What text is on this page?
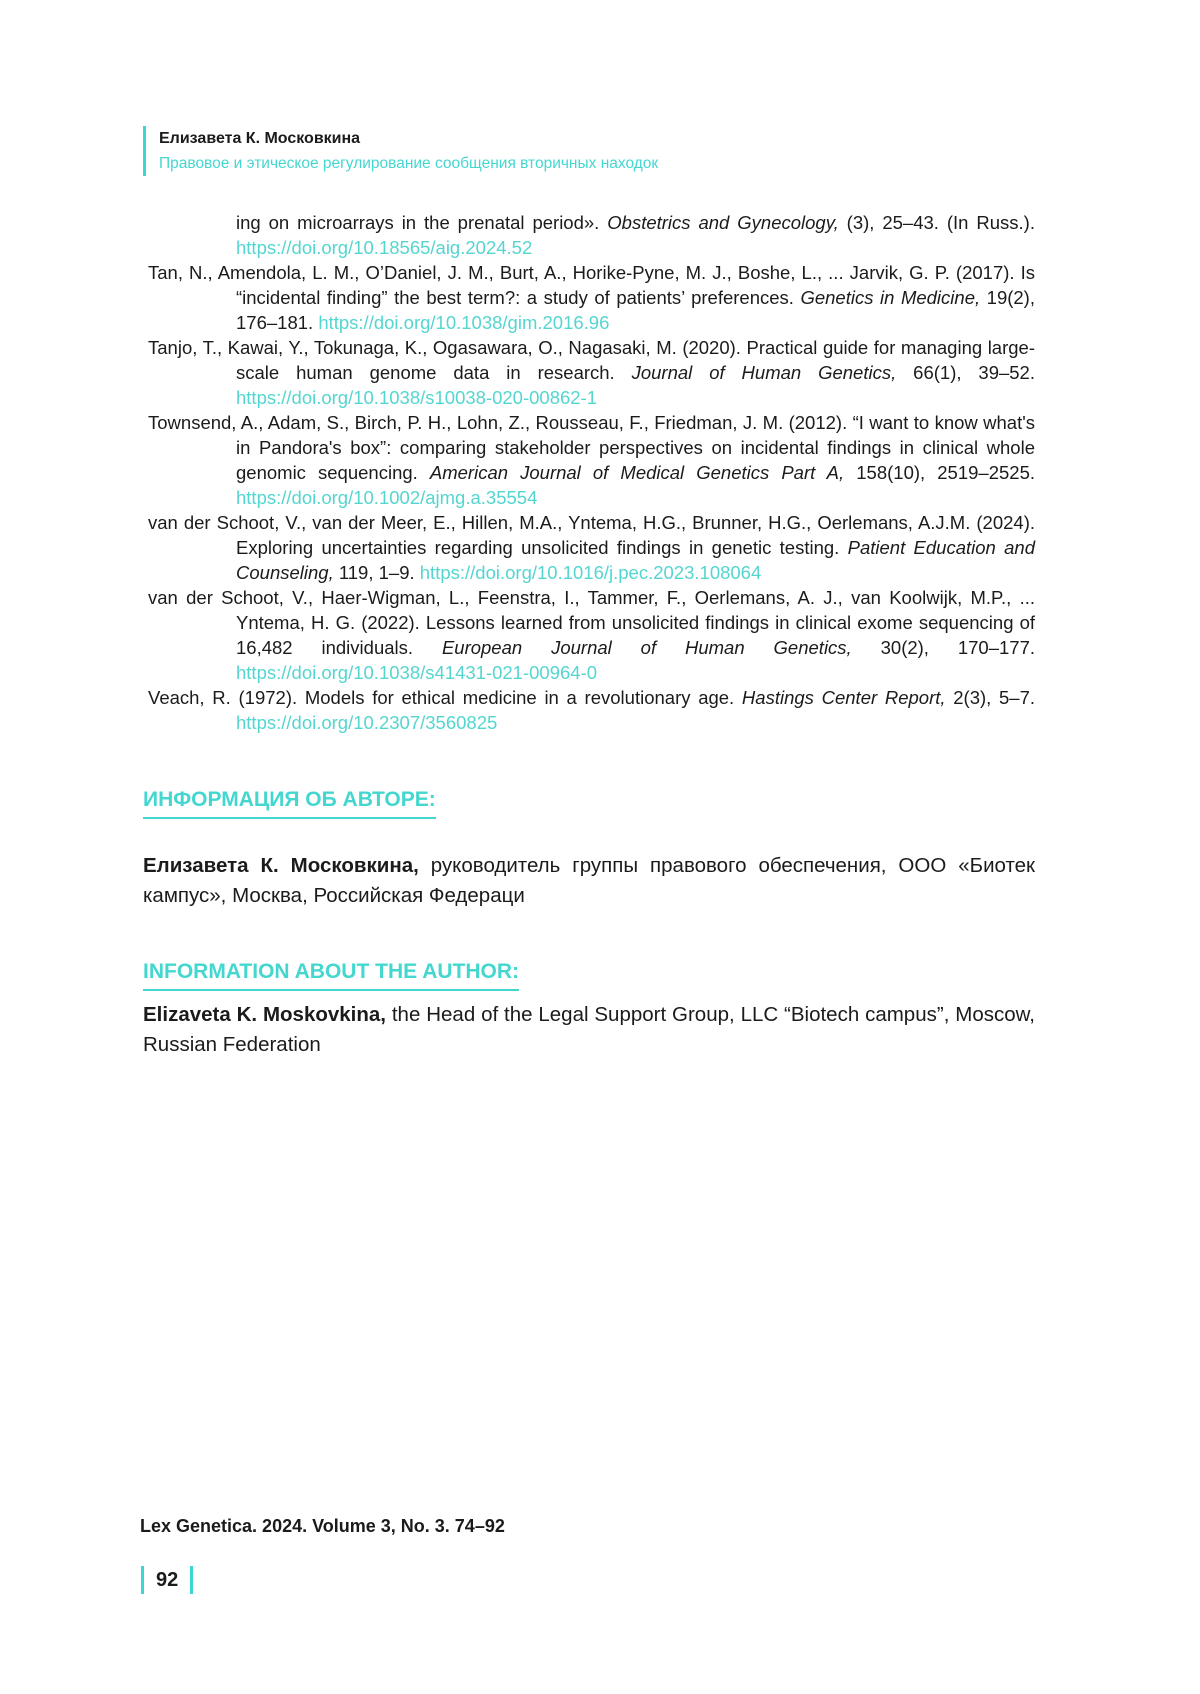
Елизавета К. Московкина
Правовое и этическое регулирование сообщения вторичных находок
ing on microarrays in the prenatal period». Obstetrics and Gynecology, (3), 25–43. (In Russ.). https://doi.org/10.18565/aig.2024.52
Tan, N., Amendola, L. M., O’Daniel, J. M., Burt, A., Horike-Pyne, M. J., Boshe, L., ... Jarvik, G. P. (2017). Is “incidental finding” the best term?: a study of patients’ preferences. Genetics in Medicine, 19(2), 176–181. https://doi.org/10.1038/gim.2016.96
Tanjo, T., Kawai, Y., Tokunaga, K., Ogasawara, O., Nagasaki, M. (2020). Practical guide for managing large-scale human genome data in research. Journal of Human Genetics, 66(1), 39–52. https://doi.org/10.1038/s10038-020-00862-1
Townsend, A., Adam, S., Birch, P. H., Lohn, Z., Rousseau, F., Friedman, J. M. (2012). “I want to know what's in Pandora's box”: comparing stakeholder perspectives on incidental findings in clinical whole genomic sequencing. American Journal of Medical Genetics Part A, 158(10), 2519–2525. https://doi.org/10.1002/ajmg.a.35554
van der Schoot, V., van der Meer, E., Hillen, M.A., Yntema, H.G., Brunner, H.G., Oerlemans, A.J.M. (2024). Exploring uncertainties regarding unsolicited findings in genetic testing. Patient Education and Counseling, 119, 1–9. https://doi.org/10.1016/j.pec.2023.108064
van der Schoot, V., Haer-Wigman, L., Feenstra, I., Tammer, F., Oerlemans, A. J., van Koolwijk, M.P., ... Yntema, H. G. (2022). Lessons learned from unsolicited findings in clinical exome sequencing of 16,482 individuals. European Journal of Human Genetics, 30(2), 170–177. https://doi.org/10.1038/s41431-021-00964-0
Veach, R. (1972). Models for ethical medicine in a revolutionary age. Hastings Center Report, 2(3), 5–7. https://doi.org/10.2307/3560825
ИНФОРМАЦИЯ ОБ АВТОРЕ:
Елизавета К. Московкина, руководитель группы правового обеспечения, ООО «Биотек кампус», Москва, Российская Федераци
INFORMATION ABOUT THE AUTHOR:
Elizaveta K. Moskovkina, the Head of the Legal Support Group, LLC “Biotech campus”, Moscow, Russian Federation
Lex Genetica. 2024. Volume 3, No. 3. 74–92
92
